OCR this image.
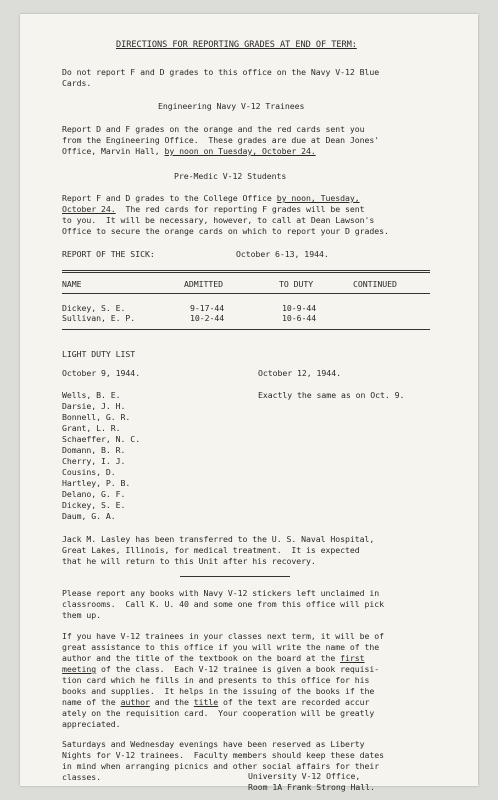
DIRECTIONS FOR REPORTING GRADES AT END OF TERM:
Do not report F and D grades to this office on the Navy V-12 Blue
Cards.
Engineering Navy V-12 Trainees
Report D and F grades on the orange and the red cards sent you
from the Engineering Office.  These grades are due at Dean Jones'
Office, Marvin Hall, by noon on Tuesday, October 24.
Pre-Medic V-12 Students
Report F and D grades to the College Office by noon, Tuesday,
October 24.  The red cards for reporting F grades will be sent
to you.  It will be necessary, however, to call at Dean Lawson's
Office to secure the orange cards on which to report your D grades.
REPORT OF THE SICK:	October 6-13, 1944.
NAME	ADMITTED	TO DUTY	CONTINUED
Dickey, S. E.	9-17-44	10-9-44
Sullivan, E. P.	10-2-44	10-6-44
LIGHT DUTY LIST
October 9, 1944.	October 12, 1944.
Exactly the same as on Oct. 9.
Wells, B. E.
Darsie, J. H.
Bonnell, G. R.
Grant, L. R.
Schaeffer, N. C.
Domann, B. R.
Cherry, I. J.
Cousins, D.
Hartley, P. B.
Delano, G. F.
Dickey, S. E.
Daum, G. A.
Jack M. Lasley has been transferred to the U. S. Naval Hospital,
Great Lakes, Illinois, for medical treatment.  It is expected
that he will return to this Unit after his recovery.
Please report any books with Navy V-12 stickers left unclaimed in
classrooms.  Call K. U. 40 and some one from this office will pick
them up.
If you have V-12 trainees in your classes next term, it will be of
great assistance to this office if you will write the name of the
author and the title of the textbook on the board at the first
meeting of the class.  Each V-12 trainee is given a book requisi-
tion card which he fills in and presents to this office for his
books and supplies.  It helps in the issuing of the books if the
name of the author and the title of the text are recorded accur
ately on the requisition card.  Your cooperation will be greatly
appreciated.
Saturdays and Wednesday evenings have been reserved as Liberty
Nights for V-12 trainees.  Faculty members should keep these dates
in mind when arranging picnics and other social affairs for their
classes.	University V-12 Office,
Room 1A Frank Strong Hall.
